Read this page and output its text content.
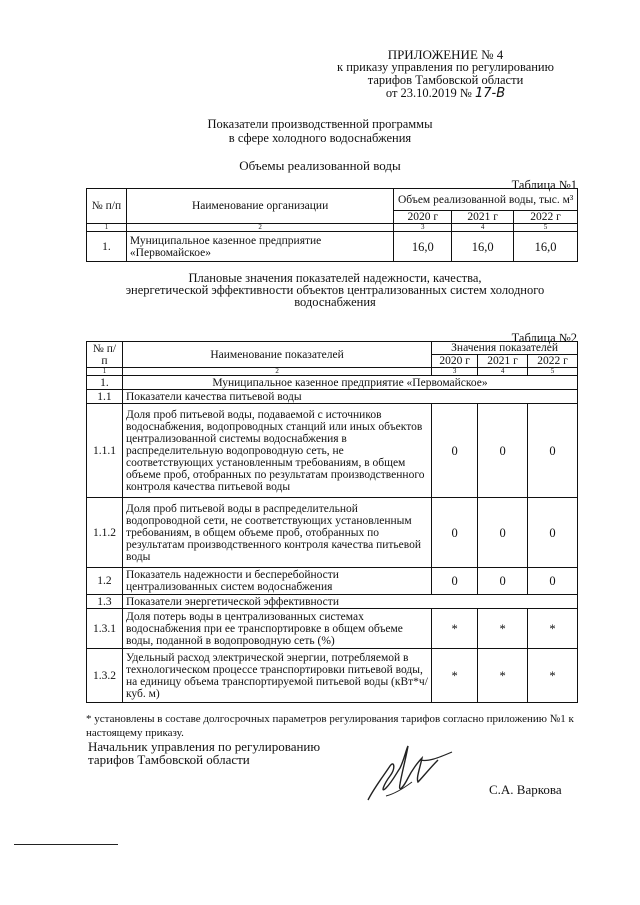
ПРИЛОЖЕНИЕ № 4
к приказу управления по регулированию
тарифов Тамбовской области
от 23.10.2019 № 17-В
Показатели производственной программы
в сфере холодного водоснабжения
Объемы реализованной воды
Таблица №1
№ п/п	Наименование организации	Объем реализованной воды, тыс. м³		
		2020 г	2021 г	2022 г
1	2	3	4	5
1.	Муниципальное казенное предприятие «Первомайское»	16,0	16,0	16,0
Плановые значения показателей надежности, качества,
энергетической эффективности объектов централизованных систем холодного
водоснабжения
Таблица №2
№ п/п	Наименование показателей	Значения показателей		
		2020 г	2021 г	2022 г
1	2	3	4	5
1.	Муниципальное казенное предприятие «Первомайское»			
1.1	Показатели качества питьевой воды			
1.1.1	Доля проб питьевой воды, подаваемой с источников водоснабжения, водопроводных станций или иных объектов централизованной системы водоснабжения в распределительную водопроводную сеть, не соответствующих установленным требованиям, в общем объеме проб, отобранных по результатам производственного контроля качества питьевой воды	0	0	0
1.1.2	Доля проб питьевой воды в распределительной водопроводной сети, не соответствующих установленным требованиям, в общем объеме проб, отобранных по результатам производственного контроля качества питьевой воды	0	0	0
1.2	Показатель надежности и бесперебойности централизованных систем водоснабжения	0	0	0
1.3	Показатели энергетической эффективности			
1.3.1	Доля потерь воды в централизованных системах водоснабжения при ее транспортировке в общем объеме воды, поданной в водопроводную сеть (%)	*	*	*
1.3.2	Удельный расход электрической энергии, потребляемой в технологическом процессе транспортировки питьевой воды, на единицу объема транспортируемой питьевой воды (кВт*ч/куб. м)	*	*	*
* установлены в составе долгосрочных параметров регулирования тарифов согласно приложению №1 к настоящему приказу.
Начальник управления по регулированию
тарифов Тамбовской области
С.А. Варкова
